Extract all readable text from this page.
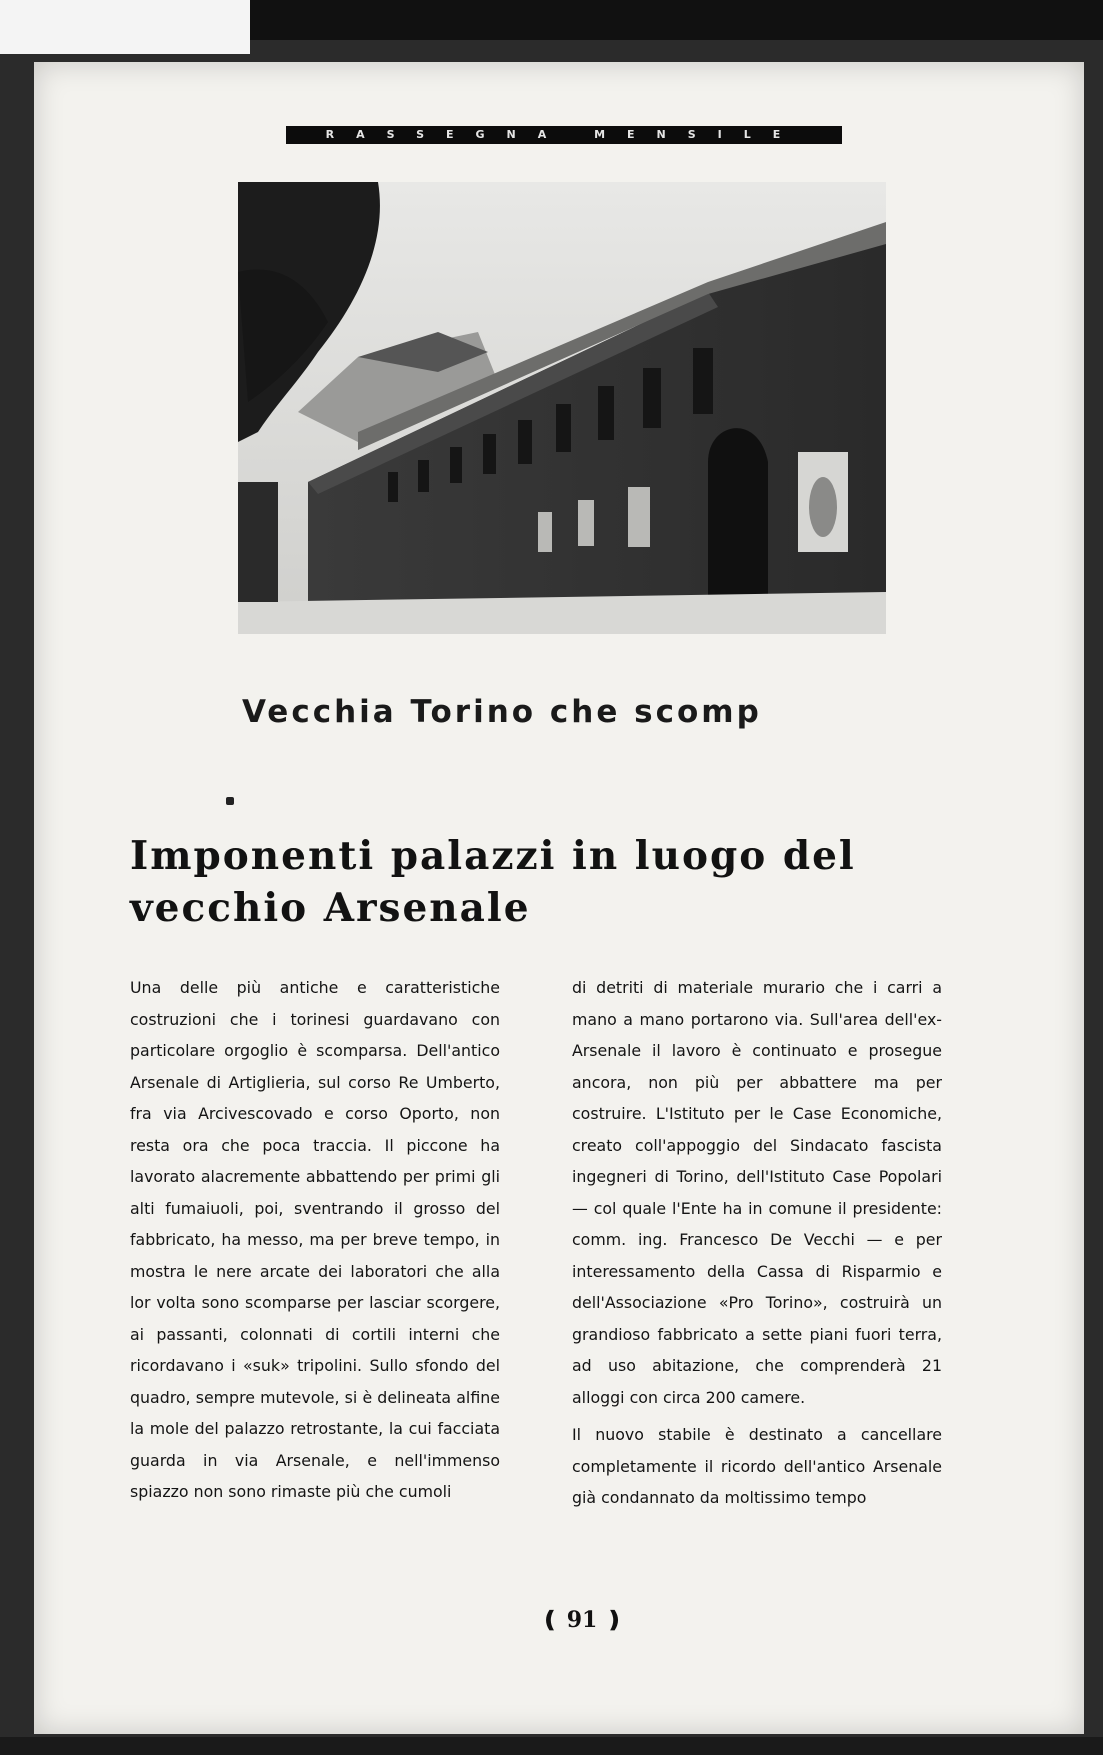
RASSEGNA MENSILE
Vecchia Torino che scomp
Imponenti palazzi in luogo del vecchio Arsenale

Una delle più antiche e caratteristiche costruzioni che i torinesi guardavano con particolare orgoglio è scomparsa. Dell'antico Arsenale di Artiglieria, sul corso Re Umberto, fra via Arcivescovado e corso Oporto, non resta ora che poca traccia. Il piccone ha lavorato alacremente abbattendo per primi gli alti fumaiuoli, poi, sventrando il grosso del fabbricato, ha messo, ma per breve tempo, in mostra le nere arcate dei laboratori che alla lor volta sono scomparse per lasciar scorgere, ai passanti, colonnati di cortili interni che ricordavano i «suk» tripolini. Sullo sfondo del quadro, sempre mutevole, si è delineata alfine la mole del palazzo retrostante, la cui facciata guarda in via Arsenale, e nell'immenso spiazzo non sono rimaste più che cumoli

di detriti di materiale murario che i carri a mano a mano portarono via. Sull'area dell'ex-Arsenale il lavoro è continuato e prosegue ancora, non più per abbattere ma per costruire. L'Istituto per le Case Economiche, creato coll'appoggio del Sindacato fascista ingegneri di Torino, dell'Istituto Case Popolari — col quale l'Ente ha in comune il presidente: comm. ing. Francesco De Vecchi — e per interessamento della Cassa di Risparmio e dell'Associazione «Pro Torino», costruirà un grandioso fabbricato a sette piani fuori terra, ad uso abitazione, che comprenderà 21 alloggi con circa 200 camere.

Il nuovo stabile è destinato a cancellare completamente il ricordo dell'antico Arsenale già condannato da moltissimo tempo

❪ 91 ❫
